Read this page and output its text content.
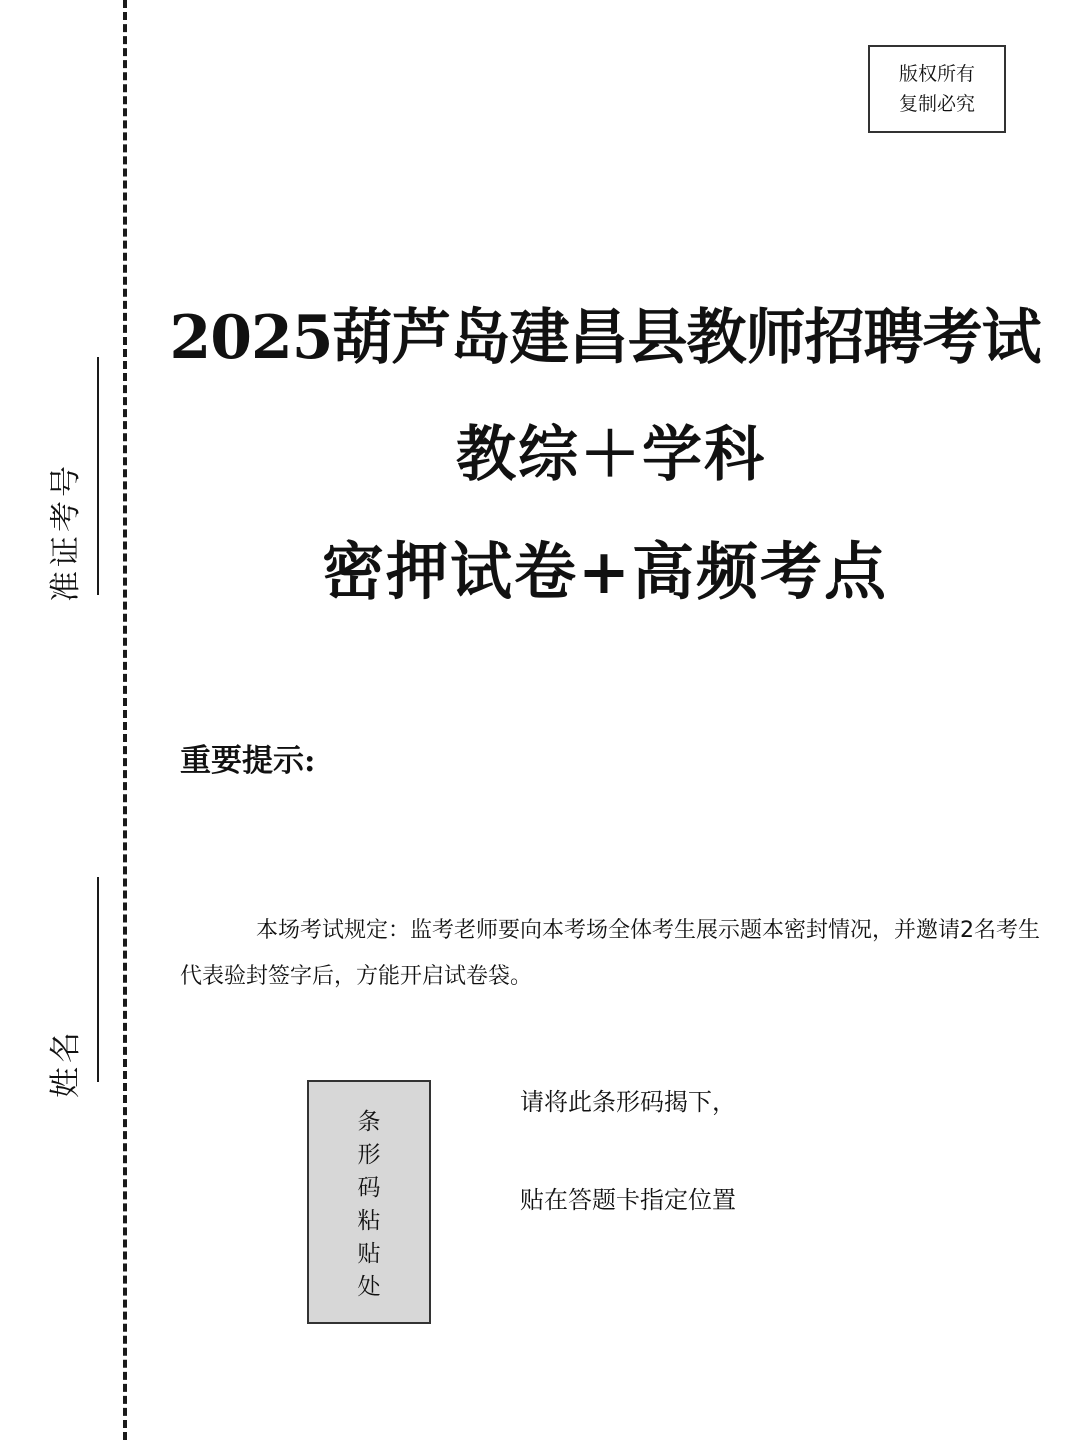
准证考号
姓名
版权所有
复制必究
2025葫芦岛建昌县教师招聘考试
教综＋学科
密押试卷+高频考点
重要提示:
本场考试规定：监考老师要向本考场全体考生展示题本密封情况，并邀请2名考生代表验封签字后，方能开启试卷袋。
条
形
码
粘
贴
处
请将此条形码揭下，
贴在答题卡指定位置
